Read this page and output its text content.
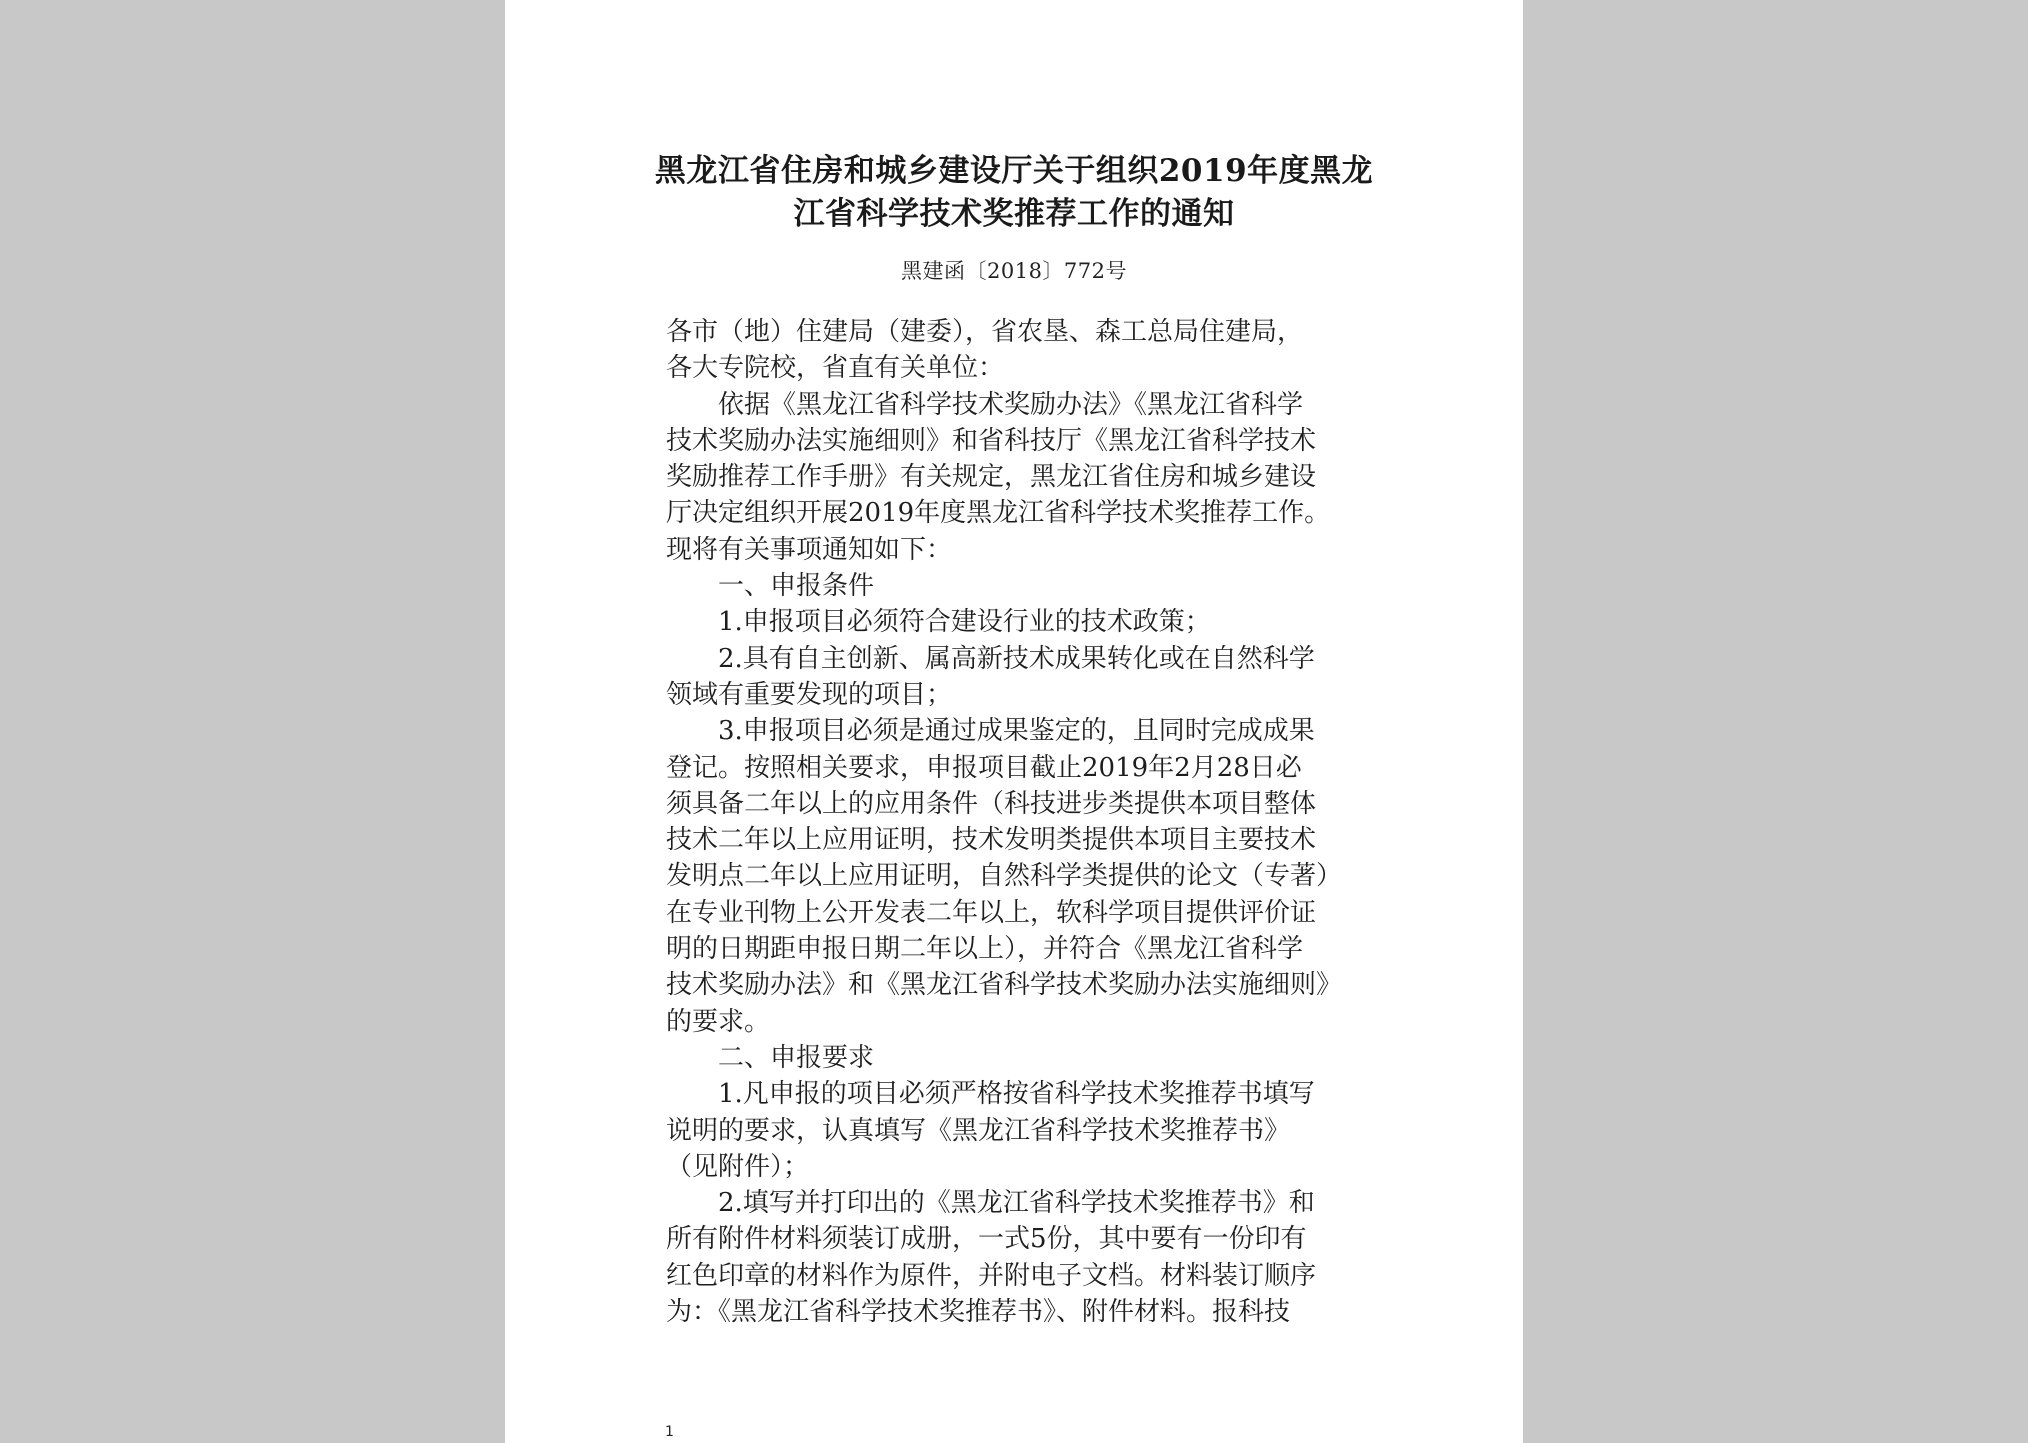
黑龙江省住房和城乡建设厅关于组织2019年度黑龙
江省科学技术奖推荐工作的通知
黑建函〔2018〕772号
各市（地）住建局（建委），省农垦、森工总局住建局，
各大专院校，省直有关单位：
依据《黑龙江省科学技术奖励办法》《黑龙江省科学
技术奖励办法实施细则》和省科技厅《黑龙江省科学技术
奖励推荐工作手册》有关规定，黑龙江省住房和城乡建设
厅决定组织开展2019年度黑龙江省科学技术奖推荐工作。
现将有关事项通知如下：
一、申报条件
1.申报项目必须符合建设行业的技术政策；
2.具有自主创新、属高新技术成果转化或在自然科学
领域有重要发现的项目；
3.申报项目必须是通过成果鉴定的，且同时完成成果
登记。按照相关要求，申报项目截止2019年2月28日必
须具备二年以上的应用条件（科技进步类提供本项目整体
技术二年以上应用证明，技术发明类提供本项目主要技术
发明点二年以上应用证明，自然科学类提供的论文（专著）
在专业刊物上公开发表二年以上，软科学项目提供评价证
明的日期距申报日期二年以上），并符合《黑龙江省科学
技术奖励办法》和《黑龙江省科学技术奖励办法实施细则》
的要求。
二、申报要求
1.凡申报的项目必须严格按省科学技术奖推荐书填写
说明的要求，认真填写《黑龙江省科学技术奖推荐书》
（见附件）；
2.填写并打印出的《黑龙江省科学技术奖推荐书》和
所有附件材料须装订成册，一式5份，其中要有一份印有
红色印章的材料作为原件，并附电子文档。材料装订顺序
为：《黑龙江省科学技术奖推荐书》、附件材料。报科技
1
